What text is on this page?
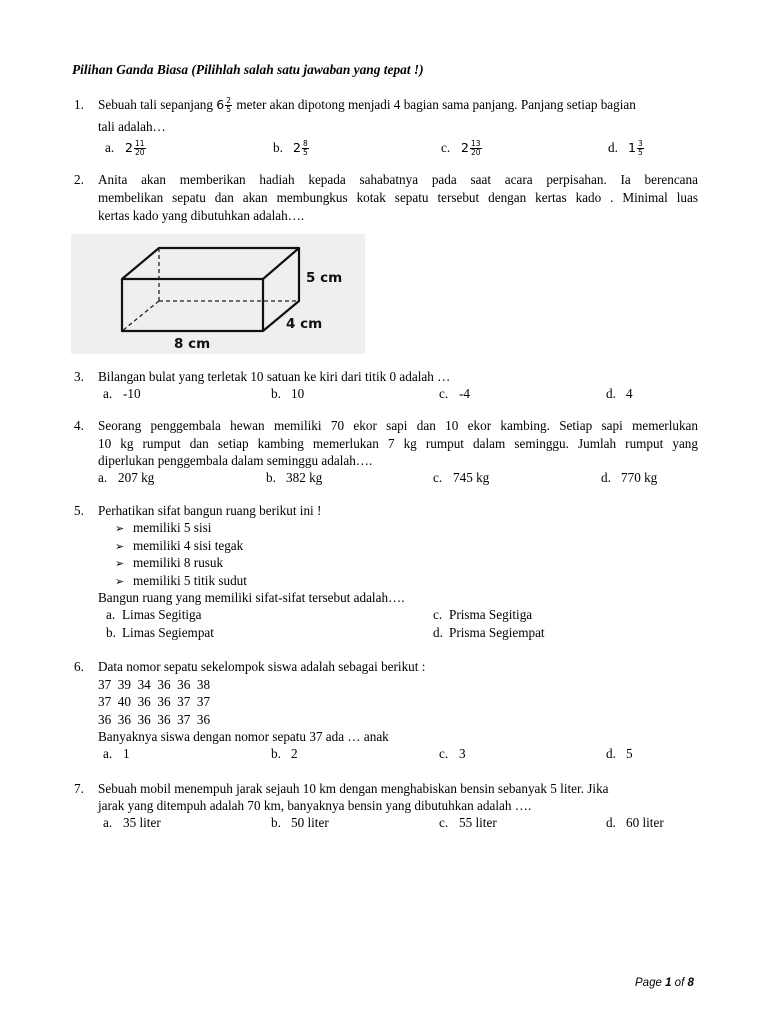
Pilihan Ganda Biasa (Pilihlah salah satu jawaban yang tepat !)
1. Sebuah tali sepanjang $6 \frac{2}{5}$ meter akan dipotong menjadi 4 bagian sama panjang. Panjang setiap bagian
tali adalah…
a. $2 \frac{11}{20}$	b. $2 \frac{8}{5}$	c. $2 \frac{13}{20}$	d. $1 \frac{3}{5}$
2. Anita akan memberikan hadiah kepada sahabatnya pada saat acara perpisahan. Ia berencana
membelikan sepatu dan akan membungkus kotak sepatu tersebut dengan kertas kado . Minimal luas
kertas kado yang dibutuhkan adalah….
5 cm
4 cm
8 cm
3. Bilangan bulat yang terletak 10 satuan ke kiri dari titik 0 adalah …
a. -10	b. 10	c. -4	d. 4
4. Seorang penggembala hewan memiliki 70 ekor sapi dan 10 ekor kambing. Setiap sapi memerlukan
10 kg rumput dan setiap kambing memerlukan 7 kg rumput dalam seminggu. Jumlah rumput yang
diperlukan penggembala dalam seminggu adalah….
a. 207 kg	b. 382 kg	c. 745 kg	d. 770 kg
5. Perhatikan sifat bangun ruang berikut ini !
➢ memiliki 5 sisi
➢ memiliki 4 sisi tegak
➢ memiliki 8 rusuk
➢ memiliki 5 titik sudut
Bangun ruang yang memiliki sifat-sifat tersebut adalah….
a. Limas Segitiga
b. Limas Segiempat
c. Prisma Segitiga
d. Prisma Segiempat
6. Data nomor sepatu sekelompok siswa adalah sebagai berikut :
37  39  34  36  36  38
37  40  36  36  37  37
36  36  36  36  37  36
Banyaknya siswa dengan nomor sepatu 37 ada … anak
a. 1	b. 2	c. 3	d. 5
7. Sebuah mobil menempuh jarak sejauh 10 km dengan menghabiskan bensin sebanyak 5 liter. Jika
jarak yang ditempuh adalah 70 km, banyaknya bensin yang dibutuhkan adalah ….
a. 35 liter	b. 50 liter	c. 55 liter	d. 60 liter
Page 1 of 8
